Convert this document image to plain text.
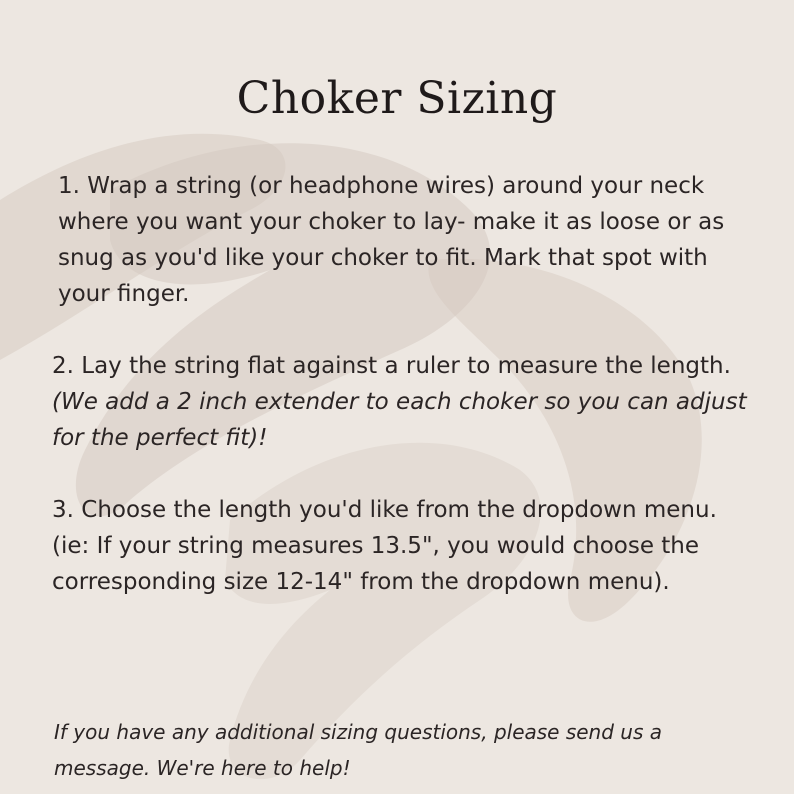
Choker Sizing

1. Wrap a string (or headphone wires) around your neck where you want your choker to lay- make it as loose or as snug as you'd like your choker to fit. Mark that spot with your finger.

2. Lay the string flat against a ruler to measure the length. (We add a 2 inch extender to each choker so you can adjust for the perfect fit)!

3. Choose the length you'd like from the dropdown menu. (ie: If your string measures 13.5", you would choose the corresponding size 12-14" from the dropdown menu).

If you have any additional sizing questions, please send us a message. We're here to help!
